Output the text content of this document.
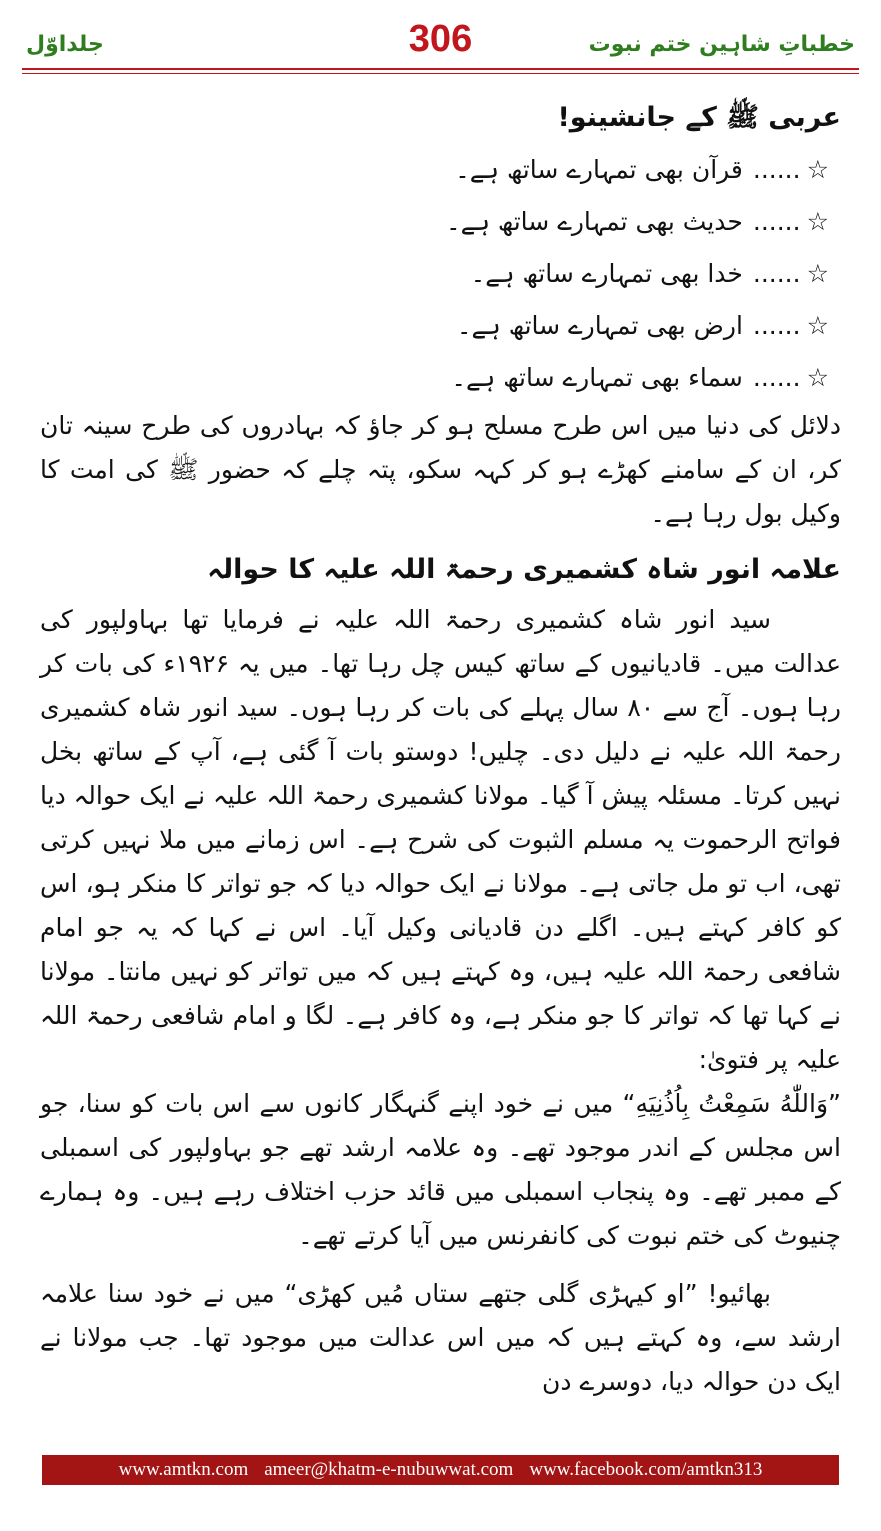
جلداوّل	306	خطباتِ شاہین ختم نبوت
عربی ﷺ کے جانشینو!
☆......قرآن بھی تمہارے ساتھ ہے۔
☆......حدیث بھی تمہارے ساتھ ہے۔
☆......خدا بھی تمہارے ساتھ ہے۔
☆......ارض بھی تمہارے ساتھ ہے۔
☆......سماء بھی تمہارے ساتھ ہے۔

دلائل کی دنیا میں اس طرح مسلح ہو کر جاؤ کہ بہادروں کی طرح سینہ تان کر، ان کے سامنے کھڑے ہو کر کہہ سکو، پتہ چلے کہ حضور ﷺ کی امت کا وکیل بول رہا ہے۔

علامہ انور شاہ کشمیری رحمۃ اللہ علیہ کا حوالہ

سید انور شاہ کشمیری رحمۃ اللہ علیہ نے فرمایا تھا بہاولپور کی عدالت میں۔ قادیانیوں کے ساتھ کیس چل رہا تھا۔ میں یہ ۱۹۲۶ء کی بات کر رہا ہوں۔ آج سے ۸۰ سال پہلے کی بات کر رہا ہوں۔ سید انور شاہ کشمیری رحمۃ اللہ علیہ نے دلیل دی۔ چلیں! دوستو بات آ گئی ہے، آپ کے ساتھ بخل نہیں کرتا۔ مسئلہ پیش آ گیا۔ مولانا کشمیری رحمۃ اللہ علیہ نے ایک حوالہ دیا فواتح الرحموت یہ مسلم الثبوت کی شرح ہے۔ اس زمانے میں ملا نہیں کرتی تھی، اب تو مل جاتی ہے۔ مولانا نے ایک حوالہ دیا کہ جو تواتر کا منکر ہو، اس کو کافر کہتے ہیں۔ اگلے دن قادیانی وکیل آیا۔ اس نے کہا کہ یہ جو امام شافعی رحمۃ اللہ علیہ ہیں، وہ کہتے ہیں کہ میں تواتر کو نہیں مانتا۔ مولانا نے کہا تھا کہ تواتر کا جو منکر ہے، وہ کافر ہے۔ لگا و امام شافعی رحمۃ اللہ علیہ پر فتویٰ:

”وَاللّٰهُ سَمِعْتُ بِاُذُنِیَهِ“ میں نے خود اپنے گنہگار کانوں سے اس بات کو سنا، جو اس مجلس کے اندر موجود تھے۔ وہ علامہ ارشد تھے جو بہاولپور کی اسمبلی کے ممبر تھے۔ وہ پنجاب اسمبلی میں قائد حزب اختلاف رہے ہیں۔ وہ ہمارے چنیوٹ کی ختم نبوت کی کانفرنس میں آیا کرتے تھے۔

بھائیو! ”او کیہڑی گلی جتھے ستاں مُیں کھڑی“ میں نے خود سنا علامہ ارشد سے، وہ کہتے ہیں کہ میں اس عدالت میں موجود تھا۔ جب مولانا نے ایک دن حوالہ دیا، دوسرے دن

www.amtkn.com ameer@khatm-e-nubuwwat.com www.facebook.com/amtkn313
